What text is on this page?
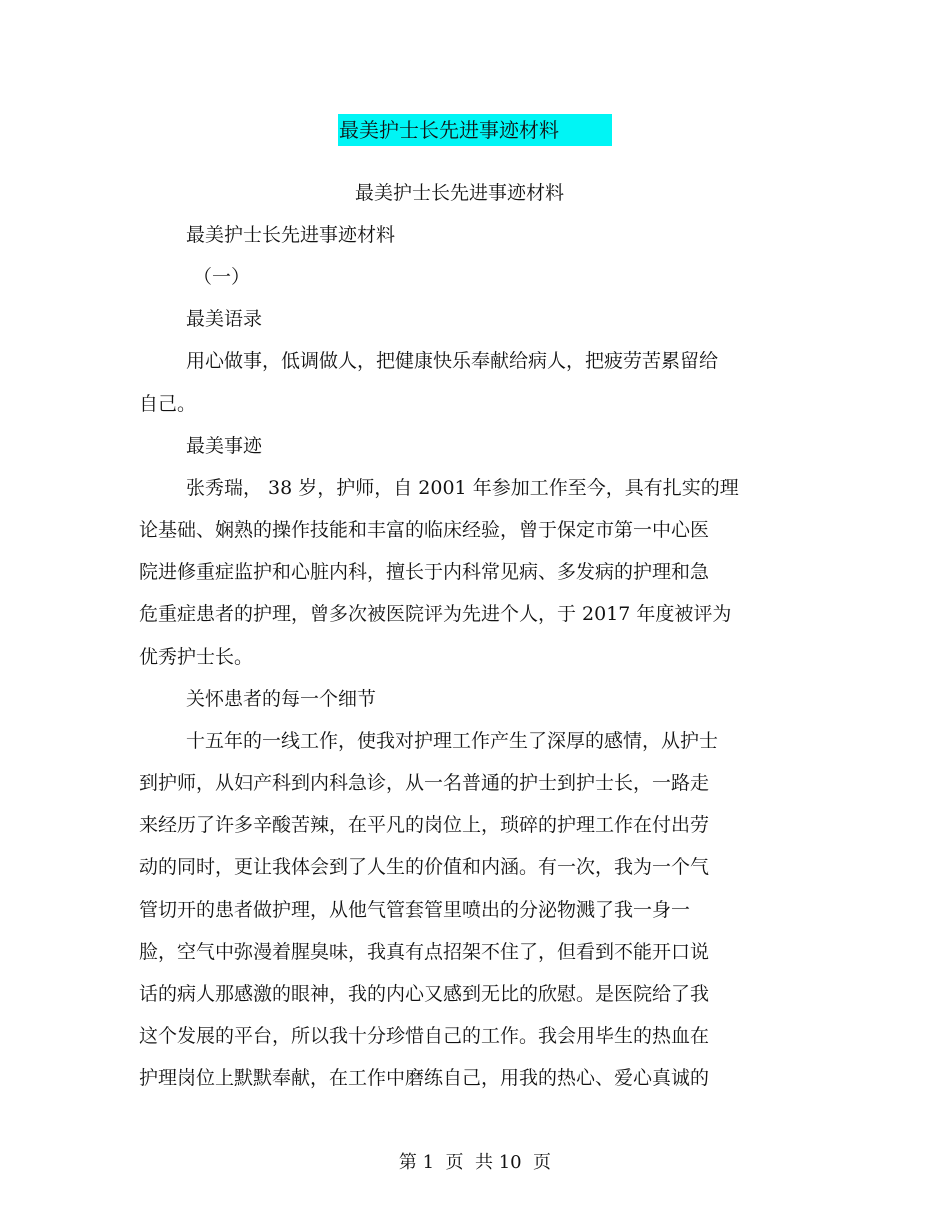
最美护士长先进事迹材料
最美护士长先进事迹材料
最美护士长先进事迹材料
（一）
最美语录
用心做事，低调做人，把健康快乐奉献给病人，把疲劳苦累留给
自己。
最美事迹
张秀瑞， 38 岁，护师，自 2001 年参加工作至今，具有扎实的理
论基础、娴熟的操作技能和丰富的临床经验，曾于保定市第一中心医
院进修重症监护和心脏内科，擅长于内科常见病、多发病的护理和急
危重症患者的护理，曾多次被医院评为先进个人，于 2017 年度被评为
优秀护士长。
关怀患者的每一个细节
十五年的一线工作，使我对护理工作产生了深厚的感情，从护士
到护师，从妇产科到内科急诊，从一名普通的护士到护士长，一路走
来经历了许多辛酸苦辣，在平凡的岗位上，琐碎的护理工作在付出劳
动的同时，更让我体会到了人生的价值和内涵。有一次，我为一个气
管切开的患者做护理，从他气管套管里喷出的分泌物溅了我一身一
脸，空气中弥漫着腥臭味，我真有点招架不住了，但看到不能开口说
话的病人那感激的眼神，我的内心又感到无比的欣慰。是医院给了我
这个发展的平台，所以我十分珍惜自己的工作。我会用毕生的热血在
护理岗位上默默奉献，在工作中磨练自己，用我的热心、爱心真诚的
第 1  页  共 10  页
